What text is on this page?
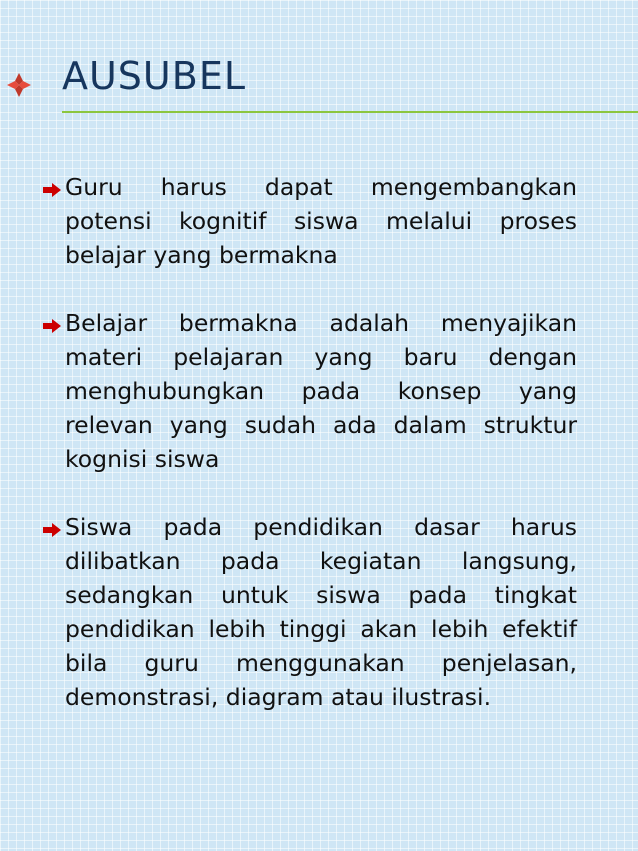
AUSUBEL

Guru harus dapat mengembangkan potensi kognitif siswa melalui proses belajar yang bermakna

Belajar bermakna adalah menyajikan materi pelajaran yang baru dengan menghubungkan pada konsep yang relevan yang sudah ada dalam struktur kognisi siswa

Siswa pada pendidikan dasar harus dilibatkan pada kegiatan langsung, sedangkan untuk siswa pada tingkat pendidikan lebih tinggi akan lebih efektif bila guru menggunakan penjelasan, demonstrasi, diagram atau ilustrasi.
